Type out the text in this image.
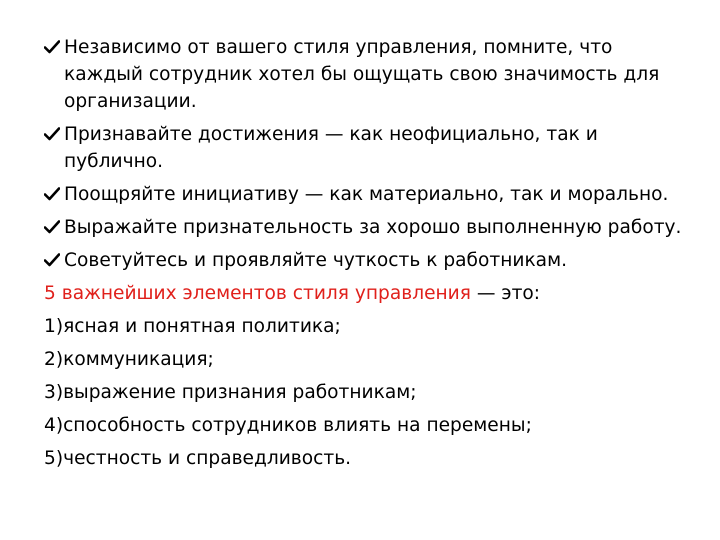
Независимо от вашего стиля управления, помните, что каждый сотрудник хотел бы ощущать свою значимость для организации.
Признавайте достижения — как неофициально, так и публично.
Поощряйте инициативу — как материально, так и морально.
Выражайте признательность за хорошо выполненную работу.
Советуйтесь и проявляйте чуткость к работникам.
5 важнейших элементов стиля управления — это:
1)ясная и понятная политика;
2)коммуникация;
3)выражение признания работникам;
4)способность сотрудников влиять на перемены;
5)честность и справедливость.
